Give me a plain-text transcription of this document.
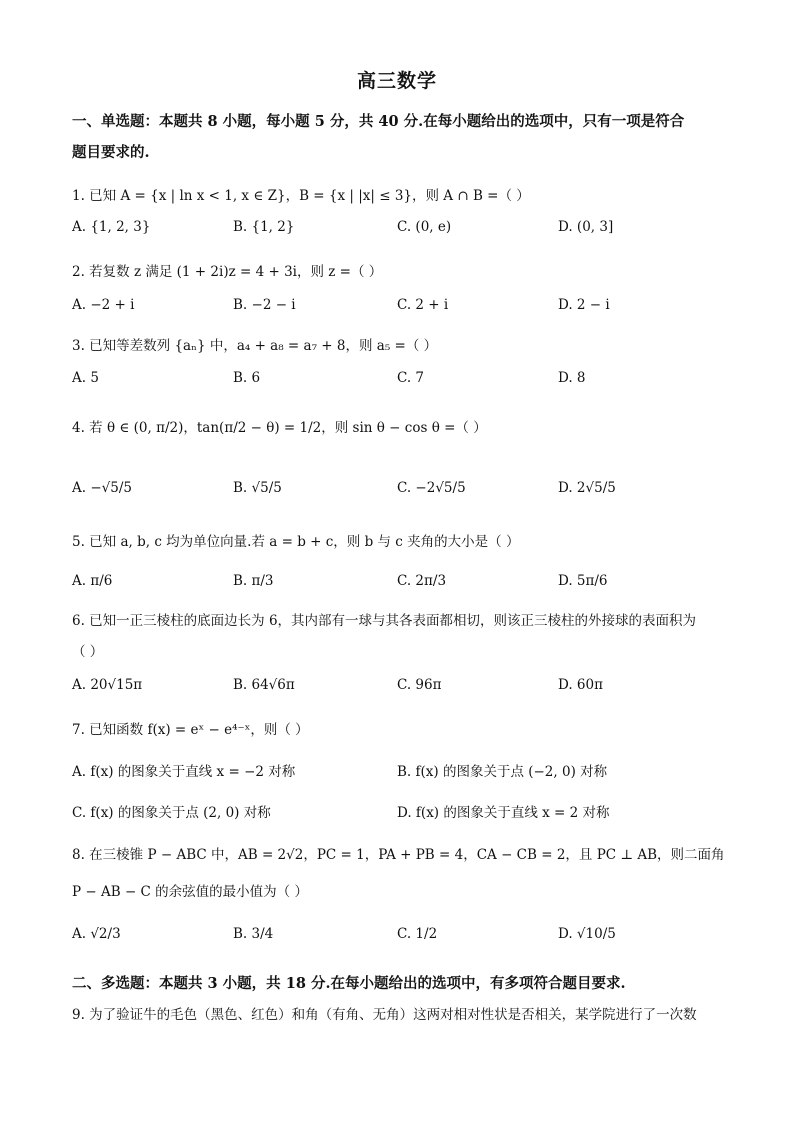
高三数学
一、单选题：本题共 8 小题，每小题 5 分，共 40 分.在每小题给出的选项中，只有一项是符合
题目要求的.
1. 已知 A = {x | ln x < 1, x ∈ Z}，B = {x | |x| ≤ 3}，则 A ∩ B =（ ）
A. {1, 2, 3}	B. {1, 2}	C. (0, e)	D. (0, 3]
2. 若复数 z 满足 (1 + 2i)z = 4 + 3i，则 z =（ ）
A. −2 + i	B. −2 − i	C. 2 + i	D. 2 − i
3. 已知等差数列 {aₙ} 中，a₄ + a₈ = a₇ + 8，则 a₅ =（ ）
A. 5	B. 6	C. 7	D. 8
4. 若 θ ∈ (0, π/2)，tan(π/2 − θ) = 1/2，则 sin θ − cos θ =（ ）
A. −√5/5	B. √5/5	C. −2√5/5	D. 2√5/5
5. 已知 a, b, c 均为单位向量.若 a = b + c，则 b 与 c 夹角的大小是（ ）
A. π/6	B. π/3	C. 2π/3	D. 5π/6
6. 已知一正三棱柱的底面边长为 6，其内部有一球与其各表面都相切，则该正三棱柱的外接球的表面积为
（ ）
A. 20√15π	B. 64√6π	C. 96π	D. 60π
7. 已知函数 f(x) = eˣ − e⁴⁻ˣ，则（ ）
A. f(x) 的图象关于直线 x = −2 对称	B. f(x) 的图象关于点 (−2, 0) 对称
C. f(x) 的图象关于点 (2, 0) 对称	D. f(x) 的图象关于直线 x = 2 对称
8. 在三棱锥 P − ABC 中，AB = 2√2，PC = 1，PA + PB = 4，CA − CB = 2，且 PC ⊥ AB，则二面角
P − AB − C 的余弦值的最小值为（ ）
A. √2/3	B. 3/4	C. 1/2	D. √10/5
二、多选题：本题共 3 小题，共 18 分.在每小题给出的选项中，有多项符合题目要求.
9. 为了验证牛的毛色（黑色、红色）和角（有角、无角）这两对相对性状是否相关，某学院进行了一次数
